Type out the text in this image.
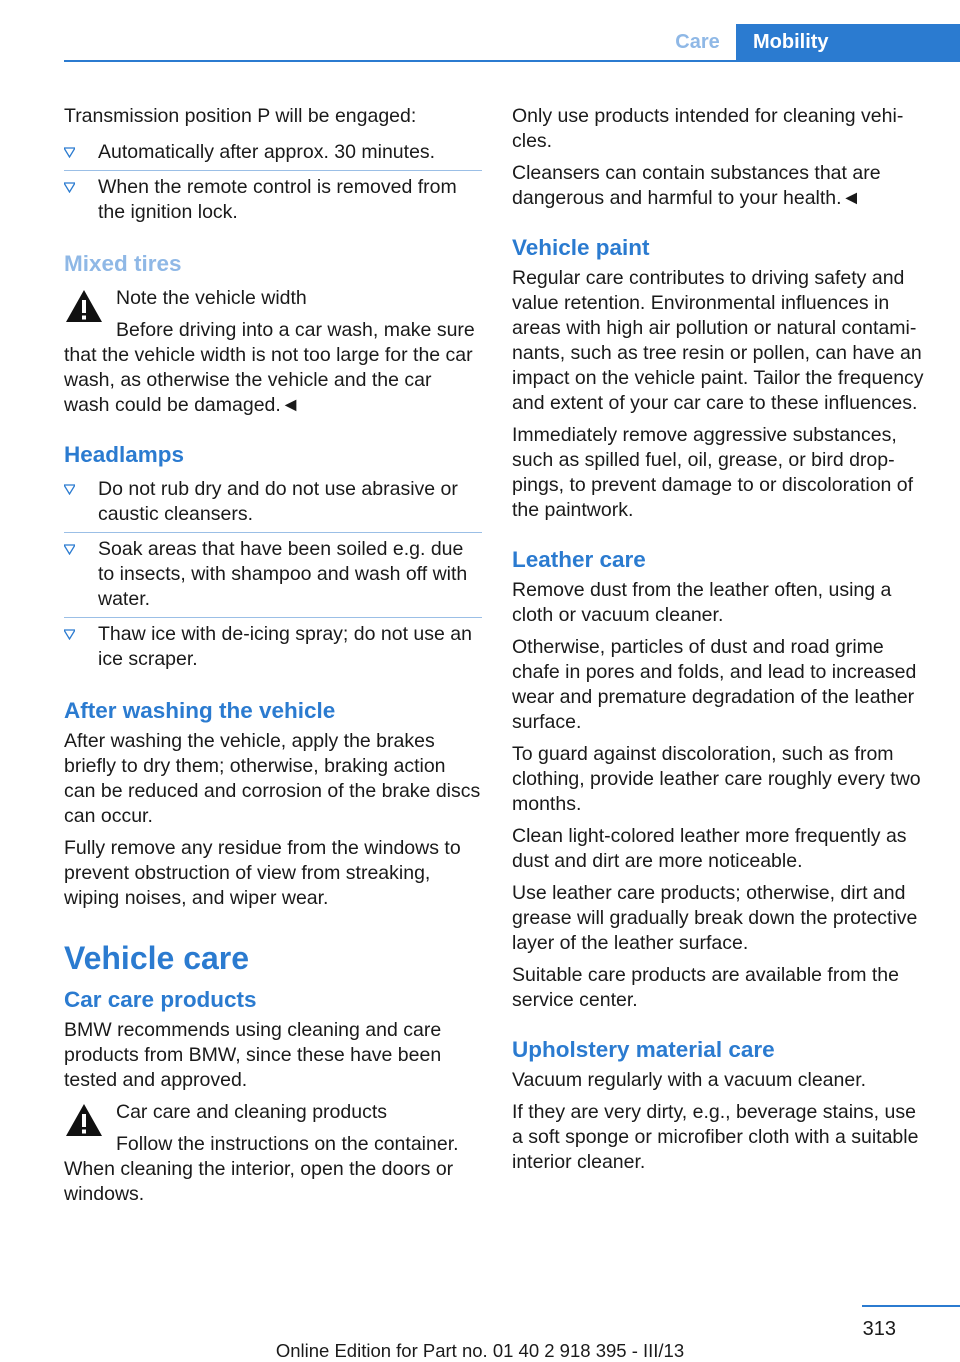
Care	Mobility

Transmission position P will be engaged:

Automatically after approx. 30 minutes.
When the remote control is removed from the ignition lock.
Mixed tires
Note the vehicle width
Before driving into a car wash, make sure

that the vehicle width is not too large for the car wash, as otherwise the vehicle and the car wash could be damaged.◄

Headlamps
Do not rub dry and do not use abrasive or caustic cleansers.
Soak areas that have been soiled e.g. due to insects, with shampoo and wash off with water.
Thaw ice with de-icing spray; do not use an ice scraper.
After washing the vehicle

After washing the vehicle, apply the brakes briefly to dry them; otherwise, braking action can be reduced and corrosion of the brake discs can occur.

Fully remove any residue from the windows to prevent obstruction of view from streaking, wiping noises, and wiper wear.

Vehicle care
Car care products

BMW recommends using cleaning and care products from BMW, since these have been tested and approved.

Car care and cleaning products
Follow the instructions on the container.

When cleaning the interior, open the doors or windows.

Only use products intended for cleaning vehicles.

Cleansers can contain substances that are dangerous and harmful to your health.◄

Vehicle paint

Regular care contributes to driving safety and value retention. Environmental influences in areas with high air pollution or natural contaminants, such as tree resin or pollen, can have an impact on the vehicle paint. Tailor the frequency and extent of your car care to these influences.

Immediately remove aggressive substances, such as spilled fuel, oil, grease, or bird droppings, to prevent damage to or discoloration of the paintwork.

Leather care

Remove dust from the leather often, using a cloth or vacuum cleaner.

Otherwise, particles of dust and road grime chafe in pores and folds, and lead to increased wear and premature degradation of the leather surface.

To guard against discoloration, such as from clothing, provide leather care roughly every two months.

Clean light-colored leather more frequently as dust and dirt are more noticeable.

Use leather care products; otherwise, dirt and grease will gradually break down the protective layer of the leather surface.

Suitable care products are available from the service center.

Upholstery material care

Vacuum regularly with a vacuum cleaner.

If they are very dirty, e.g., beverage stains, use a soft sponge or microfiber cloth with a suitable interior cleaner.

313
Online Edition for Part no. 01 40 2 918 395 - III/13
